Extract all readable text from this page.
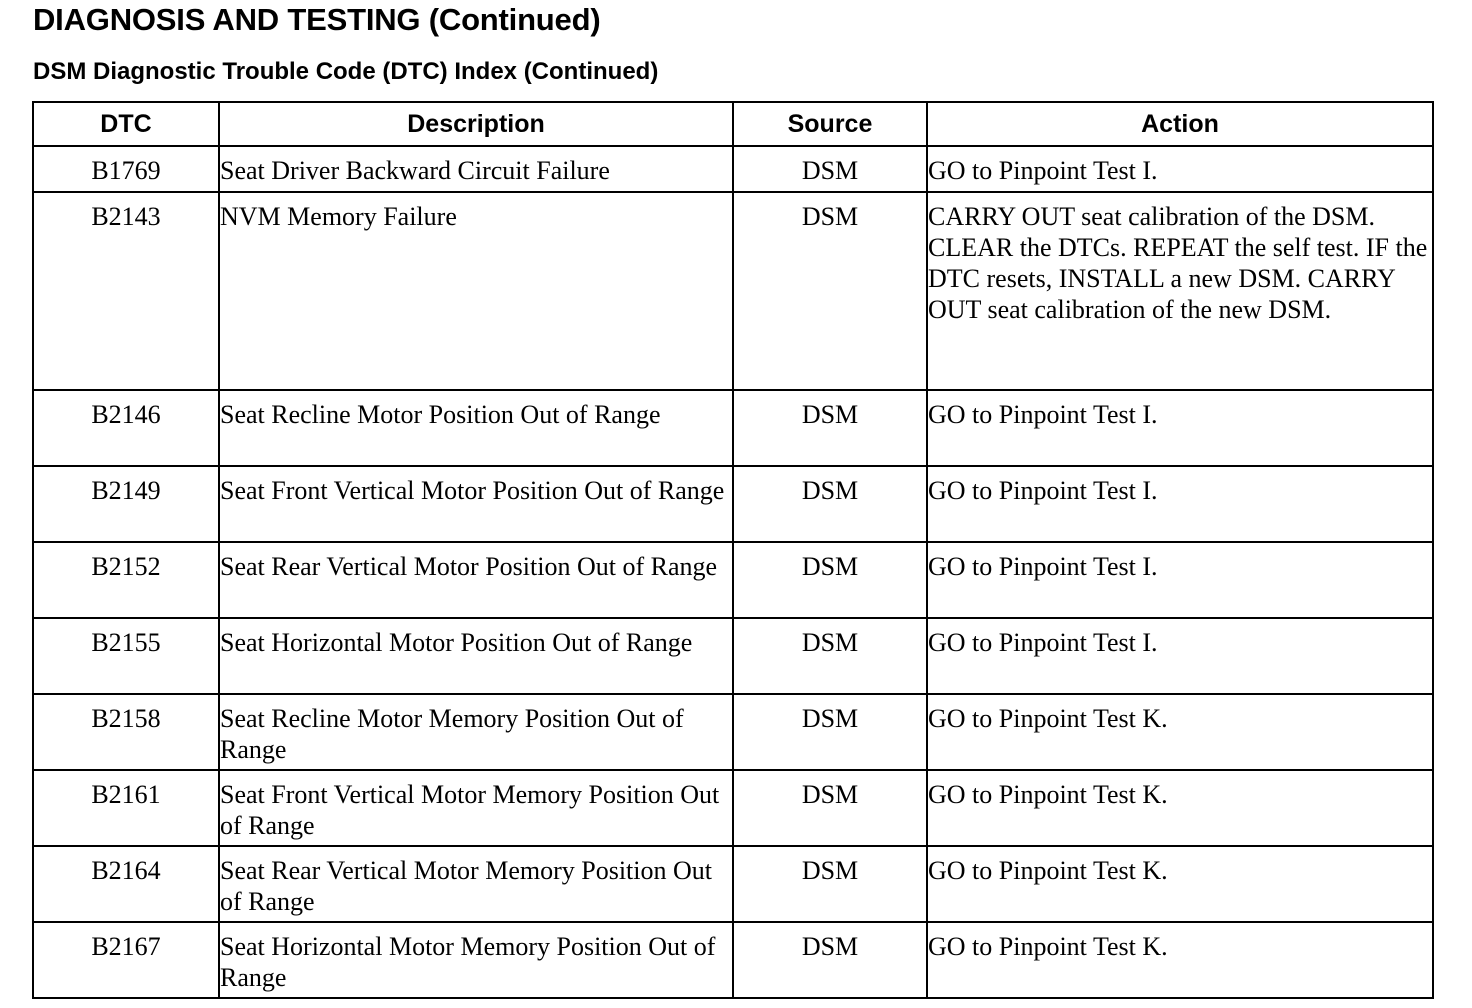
DIAGNOSIS AND TESTING (Continued)
DSM Diagnostic Trouble Code (DTC) Index (Continued)
DTC	Description	Source	Action
B1769	Seat Driver Backward Circuit Failure	DSM	GO to Pinpoint Test I.
B2143	NVM Memory Failure	DSM	CARRY OUT seat calibration of the DSM. CLEAR the DTCs. REPEAT the self test. IF the DTC resets, INSTALL a new DSM. CARRY OUT seat calibration of the new DSM.
B2146	Seat Recline Motor Position Out of Range	DSM	GO to Pinpoint Test I.
B2149	Seat Front Vertical Motor Position Out of Range	DSM	GO to Pinpoint Test I.
B2152	Seat Rear Vertical Motor Position Out of Range	DSM	GO to Pinpoint Test I.
B2155	Seat Horizontal Motor Position Out of Range	DSM	GO to Pinpoint Test I.
B2158	Seat Recline Motor Memory Position Out of Range	DSM	GO to Pinpoint Test K.
B2161	Seat Front Vertical Motor Memory Position Out of Range	DSM	GO to Pinpoint Test K.
B2164	Seat Rear Vertical Motor Memory Position Out of Range	DSM	GO to Pinpoint Test K.
B2167	Seat Horizontal Motor Memory Position Out of Range	DSM	GO to Pinpoint Test K.
